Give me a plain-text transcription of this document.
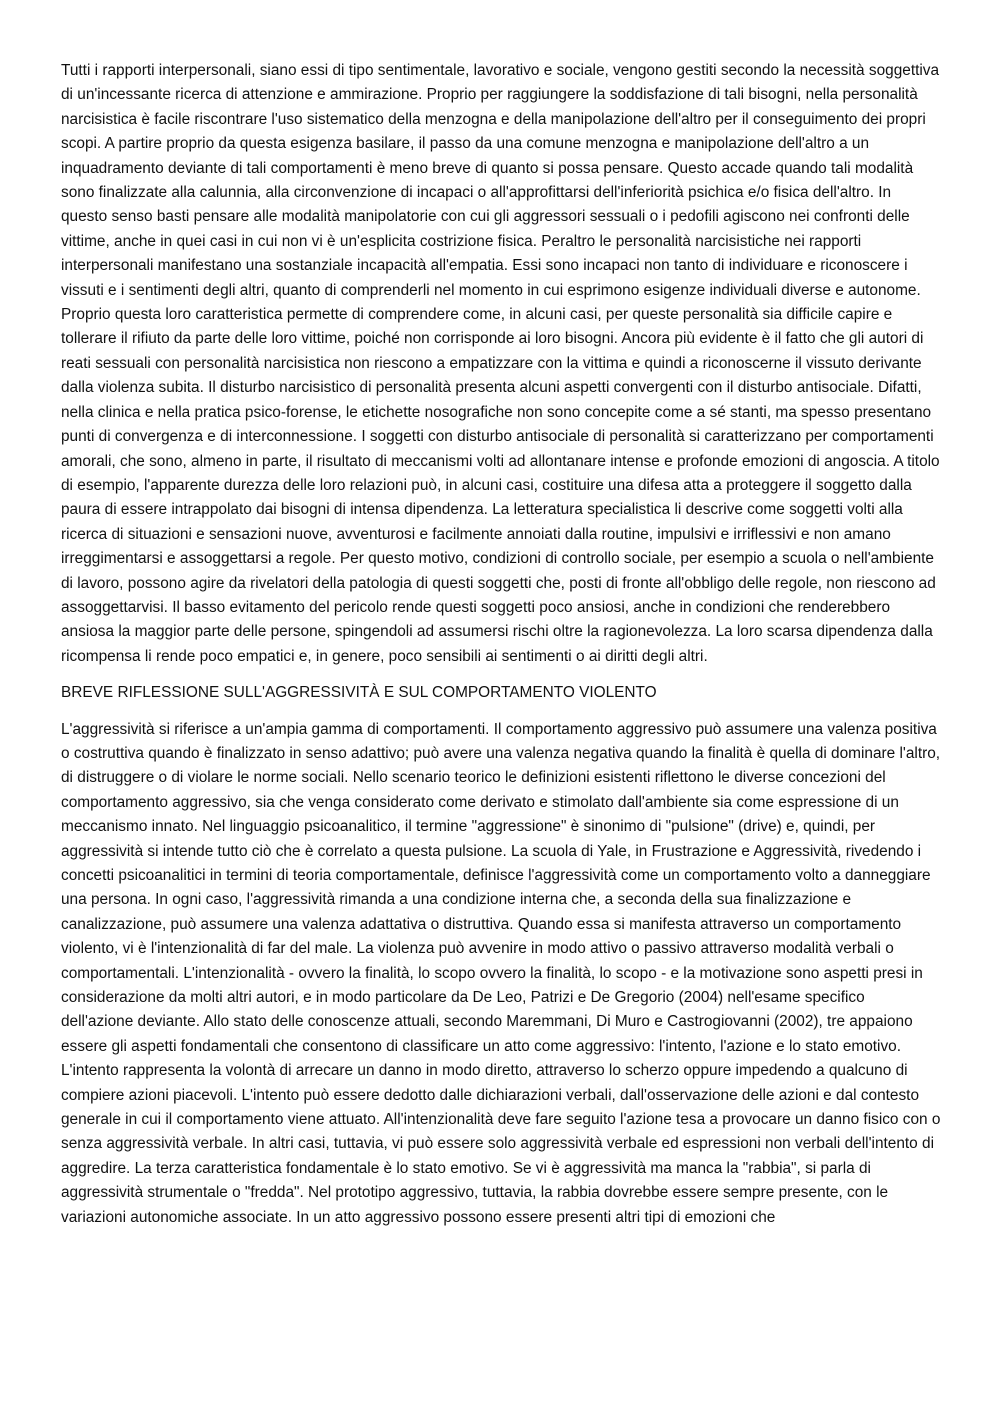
Tutti i rapporti interpersonali, siano essi di tipo sentimentale, lavorativo e sociale, vengono gestiti secondo la necessità soggettiva di un'incessante ricerca di attenzione e ammirazione. Proprio per raggiungere la soddisfazione di tali bisogni, nella personalità narcisistica è facile riscontrare l'uso sistematico della menzogna e della manipolazione dell'altro per il conseguimento dei propri scopi. A partire proprio da questa esigenza basilare, il passo da una comune menzogna e manipolazione dell'altro a un inquadramento deviante di tali comportamenti è meno breve di quanto si possa pensare. Questo accade quando tali modalità sono finalizzate alla calunnia, alla circonvenzione di incapaci o all'approfittarsi dell'inferiorità psichica e/o fisica dell'altro. In questo senso basti pensare alle modalità manipolatorie con cui gli aggressori sessuali o i pedofili agiscono nei confronti delle vittime, anche in quei casi in cui non vi è un'esplicita costrizione fisica. Peraltro le personalità narcisistiche nei rapporti interpersonali manifestano una sostanziale incapacità all'empatia. Essi sono incapaci non tanto di individuare e riconoscere i vissuti e i sentimenti degli altri, quanto di comprenderli nel momento in cui esprimono esigenze individuali diverse e autonome. Proprio questa loro caratteristica permette di comprendere come, in alcuni casi, per queste personalità sia difficile capire e tollerare il rifiuto da parte delle loro vittime, poiché non corrisponde ai loro bisogni. Ancora più evidente è il fatto che gli autori di reati sessuali con personalità narcisistica non riescono a empatizzare con la vittima e quindi a riconoscerne il vissuto derivante dalla violenza subita. Il disturbo narcisistico di personalità presenta alcuni aspetti convergenti con il disturbo antisociale. Difatti, nella clinica e nella pratica psico-forense, le etichette nosografiche non sono concepite come a sé stanti, ma spesso presentano punti di convergenza e di interconnessione. I soggetti con disturbo antisociale di personalità si caratterizzano per comportamenti amorali, che sono, almeno in parte, il risultato di meccanismi volti ad allontanare intense e profonde emozioni di angoscia. A titolo di esempio, l'apparente durezza delle loro relazioni può, in alcuni casi, costituire una difesa atta a proteggere il soggetto dalla paura di essere intrappolato dai bisogni di intensa dipendenza. La letteratura specialistica li descrive come soggetti volti alla ricerca di situazioni e sensazioni nuove, avventurosi e facilmente annoiati dalla routine, impulsivi e irriflessivi e non amano irreggimentarsi e assoggettarsi a regole. Per questo motivo, condizioni di controllo sociale, per esempio a scuola o nell'ambiente di lavoro, possono agire da rivelatori della patologia di questi soggetti che, posti di fronte all'obbligo delle regole, non riescono ad assoggettarvisi. Il basso evitamento del pericolo rende questi soggetti poco ansiosi, anche in condizioni che renderebbero ansiosa la maggior parte delle persone, spingendoli ad assumersi rischi oltre la ragionevolezza. La loro scarsa dipendenza dalla ricompensa li rende poco empatici e, in genere, poco sensibili ai sentimenti o ai diritti degli altri.

BREVE RIFLESSIONE SULL'AGGRESSIVITÀ E SUL COMPORTAMENTO VIOLENTO

L'aggressività si riferisce a un'ampia gamma di comportamenti. Il comportamento aggressivo può assumere una valenza positiva o costruttiva quando è finalizzato in senso adattivo; può avere una valenza negativa quando la finalità è quella di dominare l'altro, di distruggere o di violare le norme sociali. Nello scenario teorico le definizioni esistenti riflettono le diverse concezioni del comportamento aggressivo, sia che venga considerato come derivato e stimolato dall'ambiente sia come espressione di un meccanismo innato. Nel linguaggio psicoanalitico, il termine "aggressione" è sinonimo di "pulsione" (drive) e, quindi, per aggressività si intende tutto ciò che è correlato a questa pulsione. La scuola di Yale, in Frustrazione e Aggressività, rivedendo i concetti psicoanalitici in termini di teoria comportamentale, definisce l'aggressività come un comportamento volto a danneggiare una persona. In ogni caso, l'aggressività rimanda a una condizione interna che, a seconda della sua finalizzazione e canalizzazione, può assumere una valenza adattativa o distruttiva. Quando essa si manifesta attraverso un comportamento violento, vi è l'intenzionalità di far del male. La violenza può avvenire in modo attivo o passivo attraverso modalità verbali o comportamentali. L'intenzionalità - ovvero la finalità, lo scopo ovvero la finalità, lo scopo - e la motivazione sono aspetti presi in considerazione da molti altri autori, e in modo particolare da De Leo, Patrizi e De Gregorio (2004) nell'esame specifico dell'azione deviante. Allo stato delle conoscenze attuali, secondo Maremmani, Di Muro e Castrogiovanni (2002), tre appaiono essere gli aspetti fondamentali che consentono di classificare un atto come aggressivo: l'intento, l'azione e lo stato emotivo. L'intento rappresenta la volontà di arrecare un danno in modo diretto, attraverso lo scherzo oppure impedendo a qualcuno di compiere azioni piacevoli. L'intento può essere dedotto dalle dichiarazioni verbali, dall'osservazione delle azioni e dal contesto generale in cui il comportamento viene attuato. All'intenzionalità deve fare seguito l'azione tesa a provocare un danno fisico con o senza aggressività verbale. In altri casi, tuttavia, vi può essere solo aggressività verbale ed espressioni non verbali dell'intento di aggredire. La terza caratteristica fondamentale è lo stato emotivo. Se vi è aggressività ma manca la "rabbia", si parla di aggressività strumentale o "fredda". Nel prototipo aggressivo, tuttavia, la rabbia dovrebbe essere sempre presente, con le variazioni autonomiche associate. In un atto aggressivo possono essere presenti altri tipi di emozioni che
